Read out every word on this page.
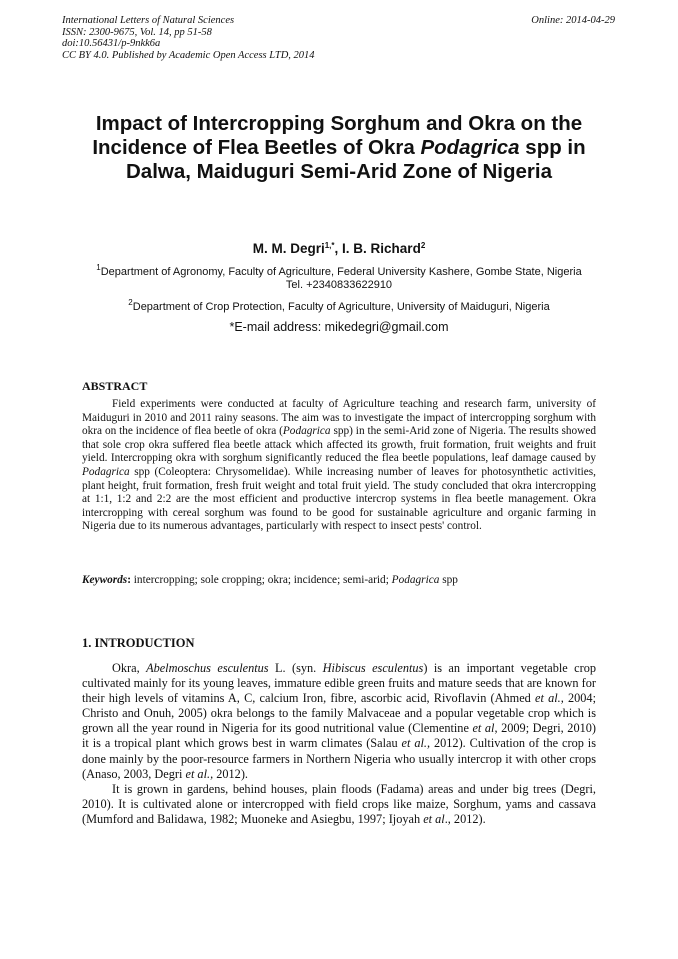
International Letters of Natural Sciences
ISSN: 2300-9675, Vol. 14, pp 51-58
doi:10.56431/p-9nkk6a
CC BY 4.0. Published by Academic Open Access LTD, 2014
Online: 2014-04-29
Impact of Intercropping Sorghum and Okra on the Incidence of Flea Beetles of Okra Podagrica spp in Dalwa, Maiduguri Semi-Arid Zone of Nigeria
M. M. Degri$^{1,*}$, I. B. Richard$^2$
$^1$Department of Agronomy, Faculty of Agriculture, Federal University Kashere, Gombe State, Nigeria
Tel. +2340833622910
$^2$Department of Crop Protection, Faculty of Agriculture, University of Maiduguri, Nigeria
*E-mail address: mikedegri@gmail.com
ABSTRACT

Field experiments were conducted at faculty of Agriculture teaching and research farm, university of Maiduguri in 2010 and 2011 rainy seasons. The aim was to investigate the impact of intercropping sorghum with okra on the incidence of flea beetle of okra (Podagrica spp) in the semi-Arid zone of Nigeria. The results showed that sole crop okra suffered flea beetle attack which affected its growth, fruit formation, fruit weights and fruit yield. Intercropping okra with sorghum significantly reduced the flea beetle populations, leaf damage caused by Podagrica spp (Coleoptera: Chrysomelidae). While increasing number of leaves for photosynthetic activities, plant height, fruit formation, fresh fruit weight and total fruit yield. The study concluded that okra intercropping at 1:1, 1:2 and 2:2 are the most efficient and productive intercrop systems in flea beetle management. Okra intercropping with cereal sorghum was found to be good for sustainable agriculture and organic farming in Nigeria due to its numerous advantages, particularly with respect to insect pests' control.

Keywords: intercropping; sole cropping; okra; incidence; semi-arid; Podagrica spp

1. INTRODUCTION

Okra, Abelmoschus esculentus L. (syn. Hibiscus esculentus) is an important vegetable crop cultivated mainly for its young leaves, immature edible green fruits and mature seeds that are known for their high levels of vitamins A, C, calcium Iron, fibre, ascorbic acid, Rivoflavin (Ahmed et al., 2004; Christo and Onuh, 2005) okra belongs to the family Malvaceae and a popular vegetable crop which is grown all the year round in Nigeria for its good nutritional value (Clementine et al, 2009; Degri, 2010) it is a tropical plant which grows best in warm climates (Salau et al., 2012). Cultivation of the crop is done mainly by the poor-resource farmers in Northern Nigeria who usually intercrop it with other crops (Anaso, 2003, Degri et al., 2012).

It is grown in gardens, behind houses, plain floods (Fadama) areas and under big trees (Degri, 2010). It is cultivated alone or intercropped with field crops like maize, Sorghum, yams and cassava (Mumford and Balidawa, 1982; Muoneke and Asiegbu, 1997; Ijoyah et al., 2012).
